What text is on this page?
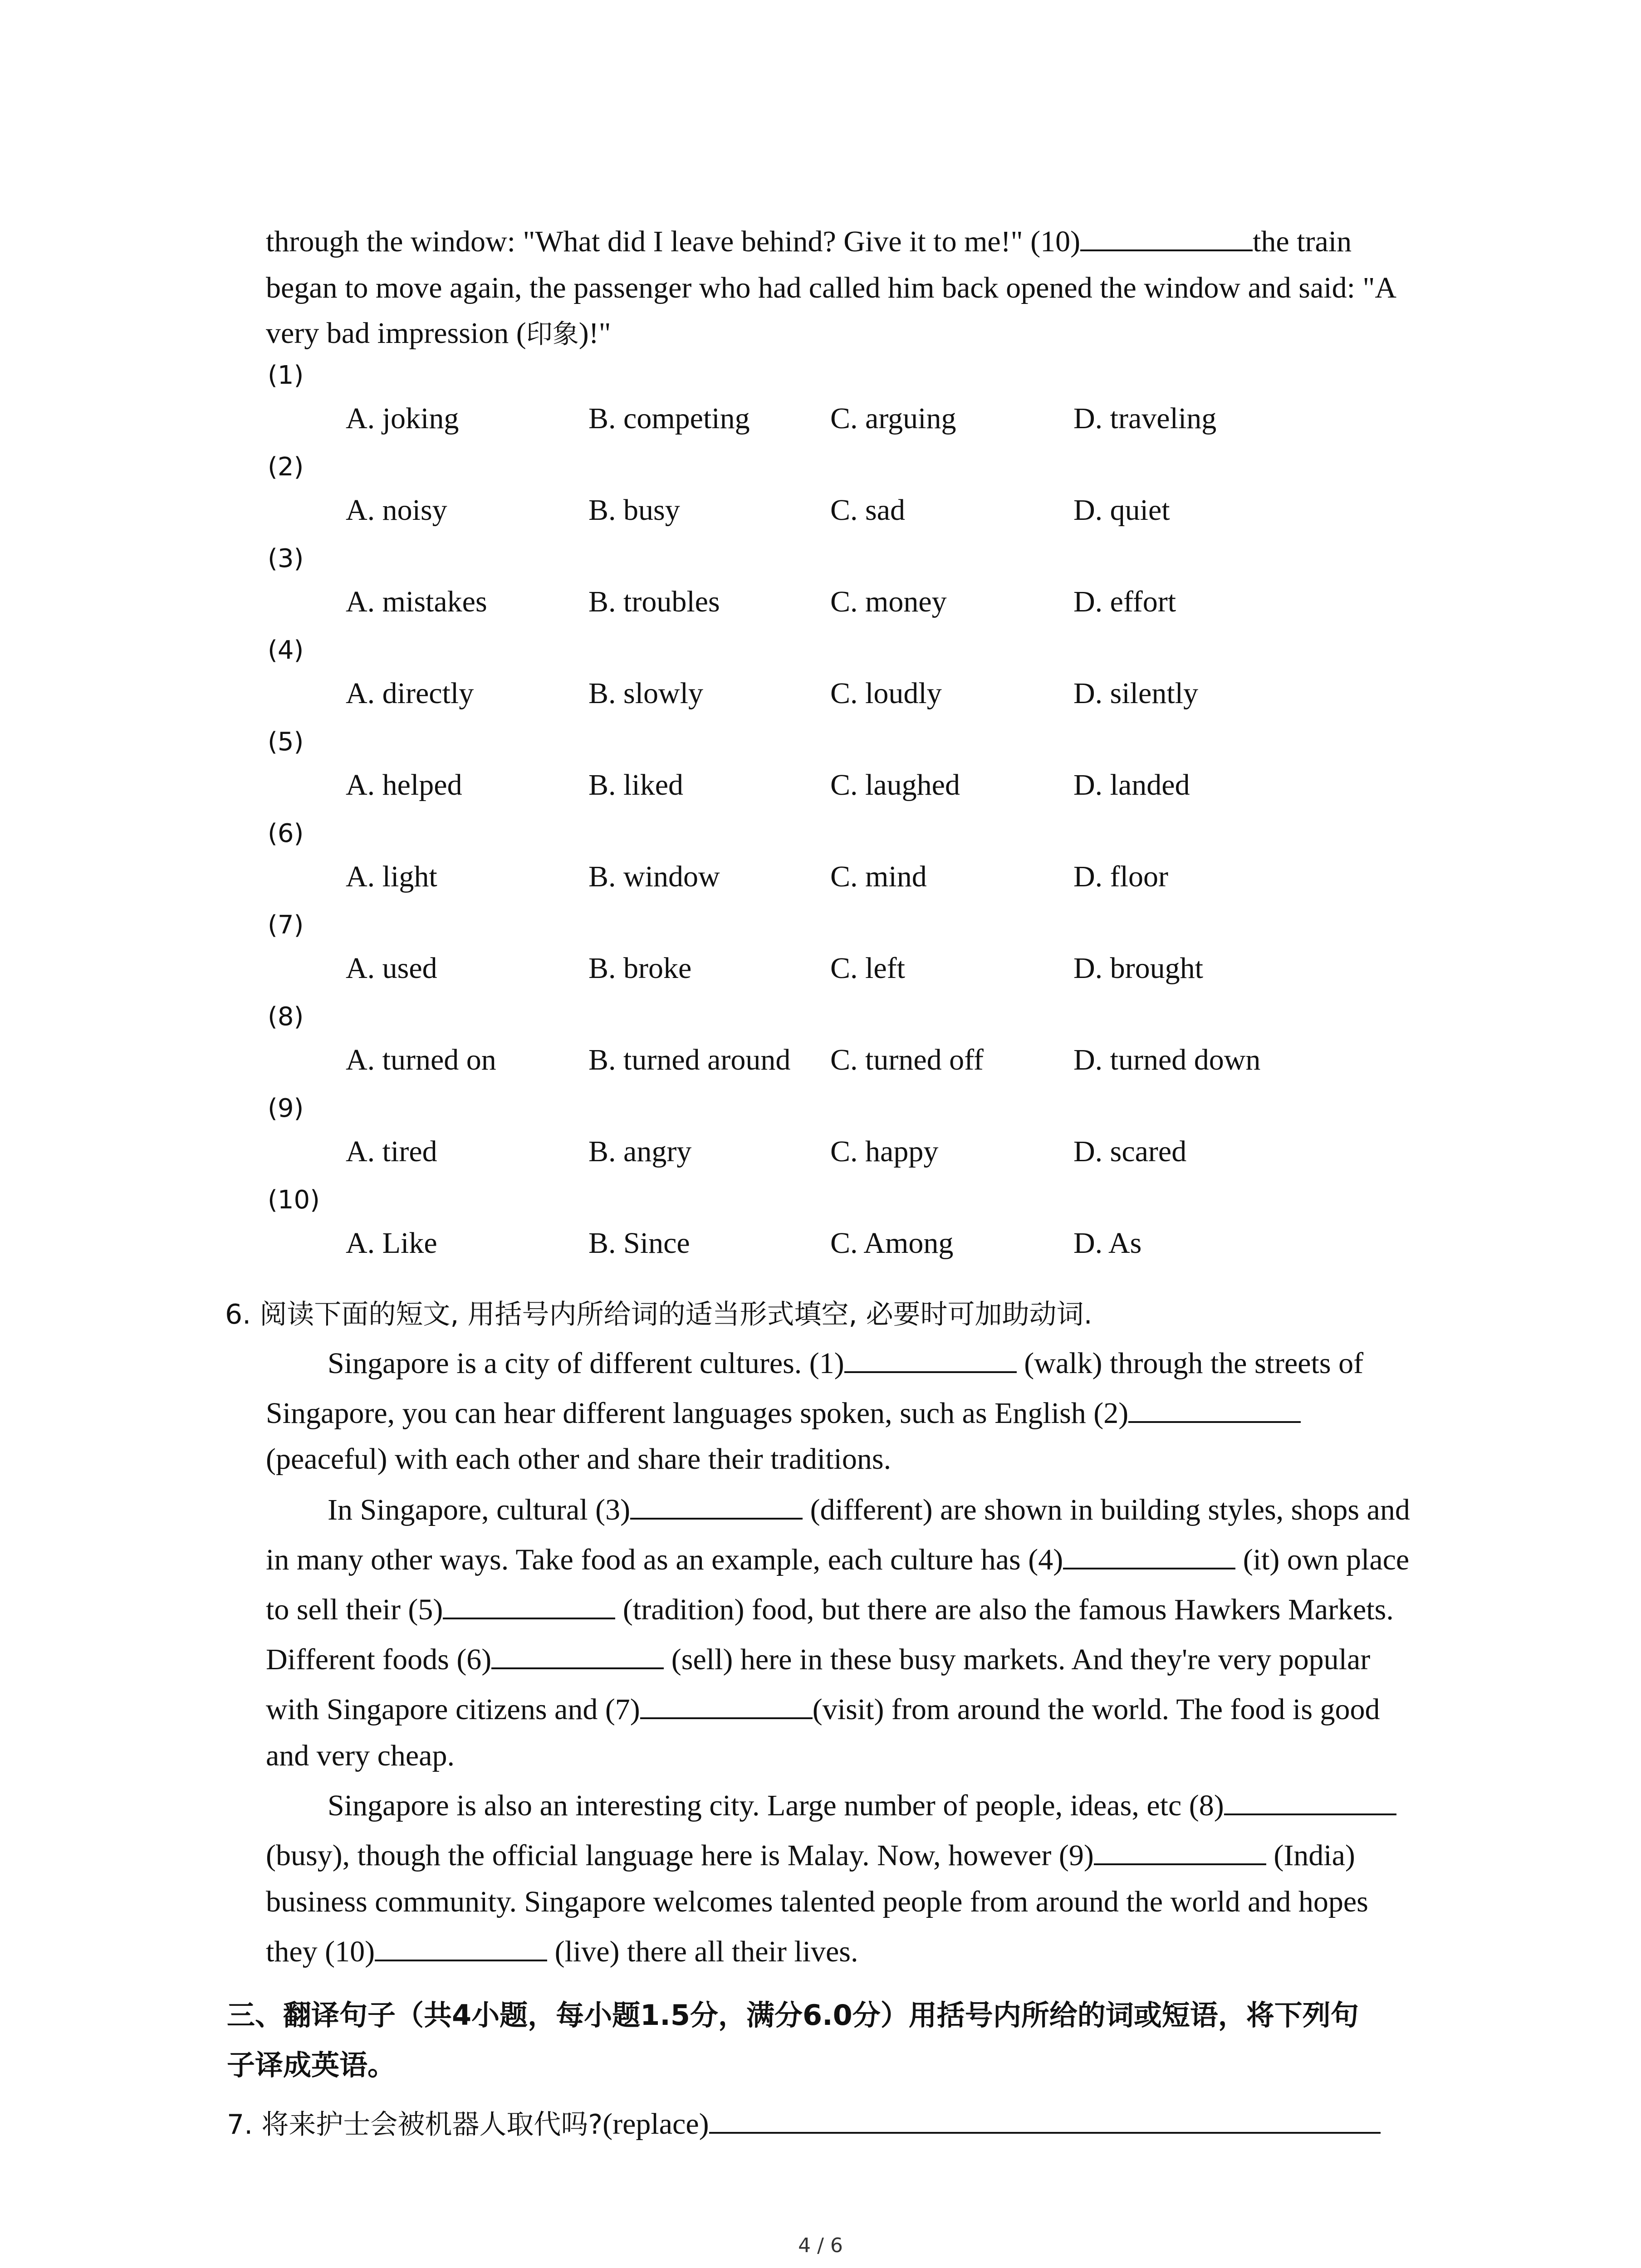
through the window: "What did I leave behind? Give it to me!" (10)	the train
began to move again, the passenger who had called him back opened the window and said: "A
very bad impression (印象)!"
(1)
A. joking	B. competing	C. arguing	D. traveling
(2)
A. noisy	B. busy	C. sad	D. quiet
(3)
A. mistakes	B. troubles	C. money	D. effort
(4)
A. directly	B. slowly	C. loudly	D. silently
(5)
A. helped	B. liked	C. laughed	D. landed
(6)
A. light	B. window	C. mind	D. floor
(7)
A. used	B. broke	C. left	D. brought
(8)
A. turned on	B. turned around C. turned off	D. turned down
(9)
A. tired	B. angry	C. happy	D. scared
(10)
A. Like	B. Since	C. Among	D. As
6. 阅读下面的短文, 用括号内所给词的适当形式填空, 必要时可加助动词.
Singapore is a city of different cultures. (1)	(walk) through the streets of
Singapore, you can hear different languages spoken, such as English (2)
(peaceful) with each other and share their traditions.
In Singapore, cultural (3)	(different) are shown in building styles, shops and
in many other ways. Take food as an example, each culture has (4)	(it) own place
to sell their (5)	(tradition) food, but there are also the famous Hawkers Markets.
Different foods (6)	(sell) here in these busy markets. And they're very popular
with Singapore citizens and (7)	(visit) from around the world. The food is good
and very cheap.
Singapore is also an interesting city. Large number of people, ideas, etc (8)
(busy), though the official language here is Malay. Now, however (9)	(India)
business community. Singapore welcomes talented people from around the world and hopes
they (10)	(live) there all their lives.
三、翻译句子（共4小题，每小题1.5分，满分6.0分）用括号内所给的词或短语，将下列句
子译成英语。
7. 将来护士会被机器人取代吗?(replace)
4 / 6
